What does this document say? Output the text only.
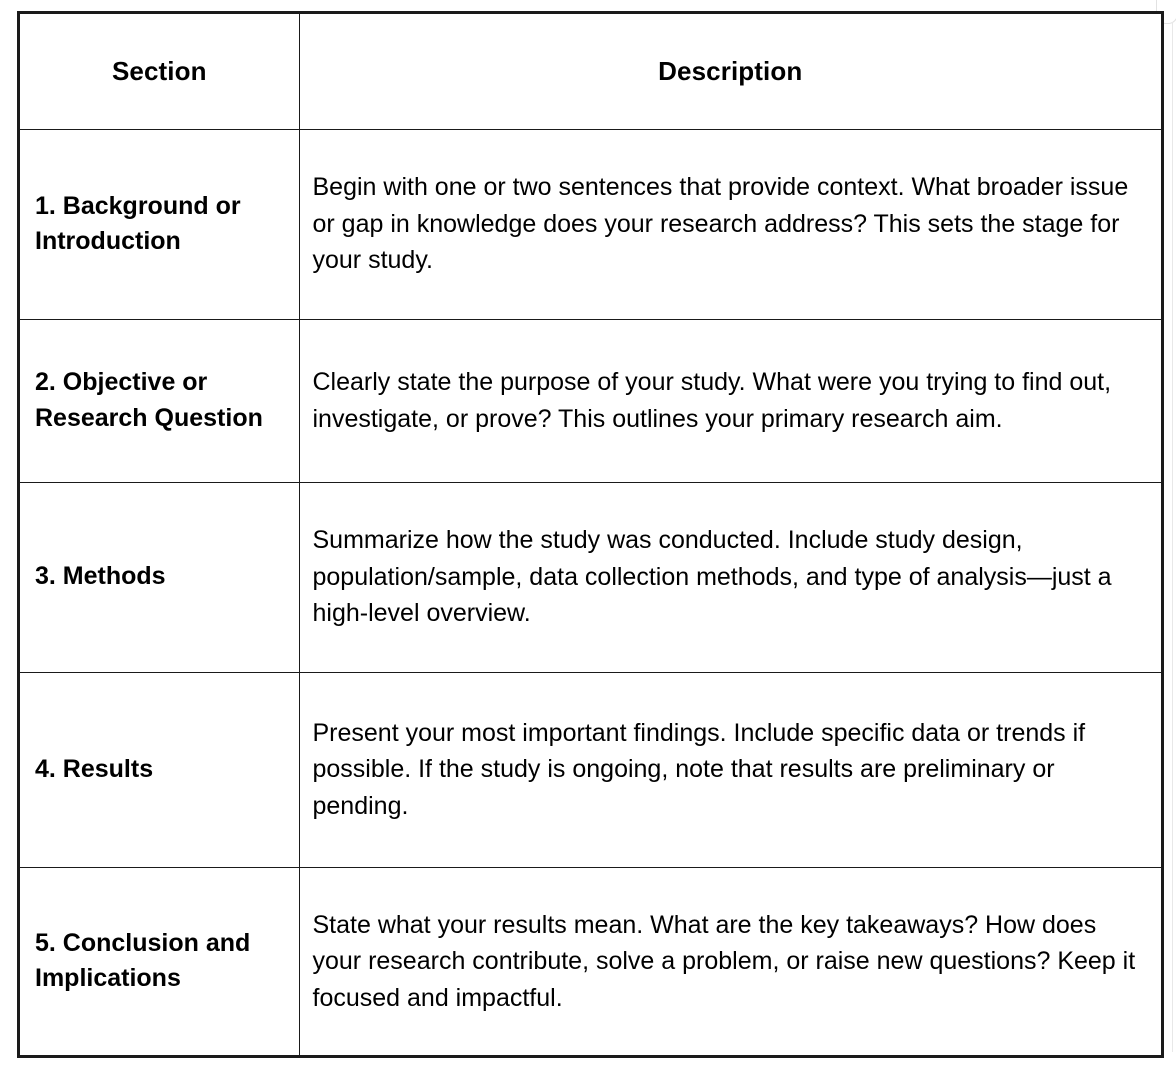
Section	Description

1. Background or Introduction	Begin with one or two sentences that provide context. What broader issue or gap in knowledge does your research address? This sets the stage for your study.

2. Objective or Research Question	Clearly state the purpose of your study. What were you trying to find out, investigate, or prove? This outlines your primary research aim.

3. Methods	Summarize how the study was conducted. Include study design, population/sample, data collection methods, and type of analysis—just a high-level overview.

4. Results	Present your most important findings. Include specific data or trends if possible. If the study is ongoing, note that results are preliminary or pending.

5. Conclusion and Implications	State what your results mean. What are the key takeaways? How does your research contribute, solve a problem, or raise new questions? Keep it focused and impactful.
